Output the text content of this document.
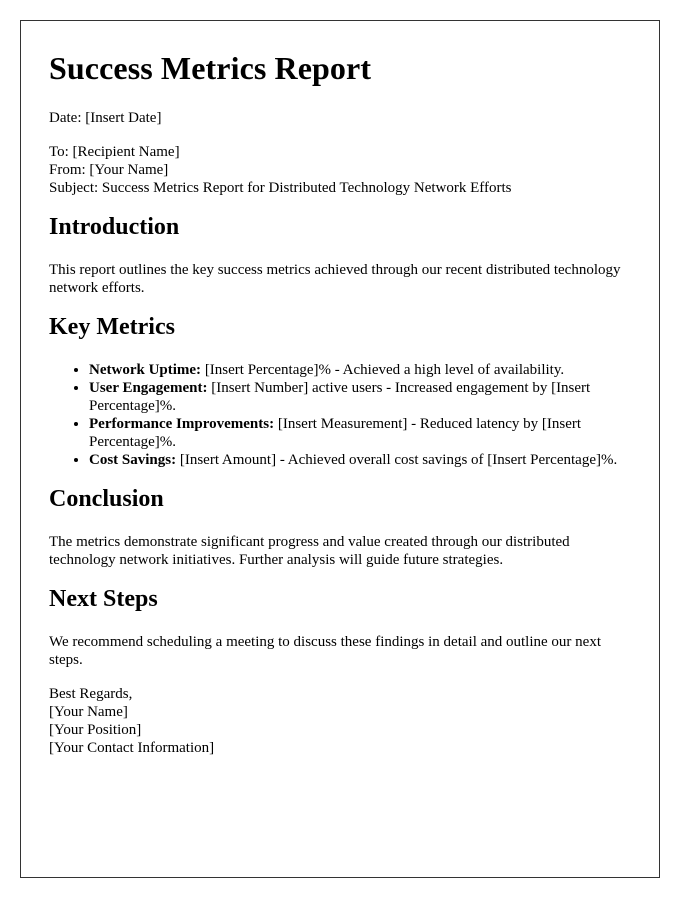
Success Metrics Report

Date: [Insert Date]

To: [Recipient Name]

From: [Your Name]

Subject: Success Metrics Report for Distributed Technology Network Efforts

Introduction

This report outlines the key success metrics achieved through our recent distributed technology network efforts.

Key Metrics
• Network Uptime: [Insert Percentage]% - Achieved a high level of availability.
• User Engagement: [Insert Number] active users - Increased engagement by [Insert Percentage]%.
• Performance Improvements: [Insert Measurement] - Reduced latency by [Insert Percentage]%.
• Cost Savings: [Insert Amount] - Achieved overall cost savings of [Insert Percentage]%.
Conclusion

The metrics demonstrate significant progress and value created through our distributed technology network initiatives. Further analysis will guide future strategies.

Next Steps

We recommend scheduling a meeting to discuss these findings in detail and outline our next steps.

Best Regards,

[Your Name]

[Your Position]

[Your Contact Information]
